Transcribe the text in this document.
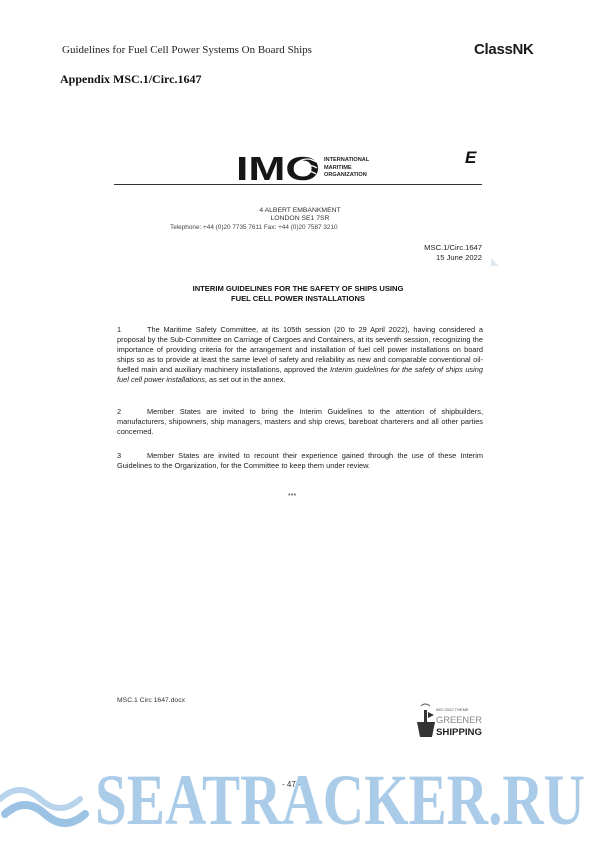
Guidelines for Fuel Cell Power Systems On Board Ships	ClassNK
Appendix MSC.1/Circ.1647
E
IMO INTERNATIONAL
MARITIME
ORGANIZATION
4 ALBERT EMBANKMENT
LONDON SE1 7SR
Telephone: +44 (0)20 7735 7611 Fax: +44 (0)20 7587 3210
MSC.1/Circ.1647
15 June 2022
INTERIM GUIDELINES FOR THE SAFETY OF SHIPS USING
FUEL CELL POWER INSTALLATIONS
1	The Maritime Safety Committee, at its 105th session (20 to 29 April 2022), having considered a proposal by the Sub-Committee on Carriage of Cargoes and Containers, at its seventh session, recognizing the importance of providing criteria for the arrangement and installation of fuel cell power installations on board ships so as to provide at least the same level of safety and reliability as new and comparable conventional oil-fuelled main and auxiliary machinery installations, approved the Interim guidelines for the safety of ships using fuel cell power installations, as set out in the annex.
2	Member States are invited to bring the Interim Guidelines to the attention of shipbuilders, manufacturers, shipowners, ship managers, masters and ship crews, bareboat charterers and all other parties concerned.
3	Member States are invited to recount their experience gained through the use of these Interim Guidelines to the Organization, for the Committee to keep them under review.
***
MSC.1 Circ 1647.docx
IMO 2022 THEME
GREENER
SHIPPING
- 47 -
SEATRACKER.RU
